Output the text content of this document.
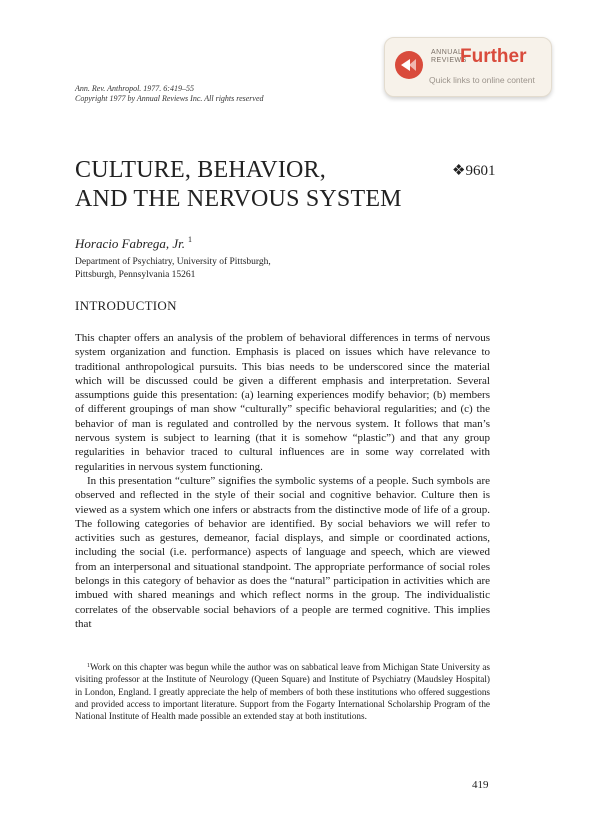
ANNUAL
REVIEWS
Further
Quick links to online content
Ann. Rev. Anthropol. 1977. 6:419–55
Copyright 1977 by Annual Reviews Inc. All rights reserved
CULTURE, BEHAVIOR,
AND THE NERVOUS SYSTEM
❖9601
Horacio Fabrega, Jr. $^1$
Department of Psychiatry, University of Pittsburgh,
Pittsburgh, Pennsylvania 15261
INTRODUCTION

This chapter offers an analysis of the problem of behavioral differences in terms of nervous system organization and function. Emphasis is placed on issues which have relevance to traditional anthropological pursuits. This bias needs to be underscored since the material which will be discussed could be given a different emphasis and interpretation. Several assumptions guide this presentation: (a) learning experiences modify behavior; (b) members of different groupings of man show “culturally” specific behavioral regularities; and (c) the behavior of man is regulated and controlled by the nervous system. It follows that man’s nervous system is subject to learning (that it is somehow “plastic”) and that any group regularities in behavior traced to cultural influences are in some way correlated with regularities in nervous system functioning.

In this presentation “culture” signifies the symbolic systems of a people. Such symbols are observed and reflected in the style of their social and cognitive behavior. Culture then is viewed as a system which one infers or abstracts from the distinctive mode of life of a group. The following categories of behavior are identified. By social behaviors we will refer to activities such as gestures, demeanor, facial displays, and simple or coordinated actions, including the social (i.e. performance) aspects of language and speech, which are viewed from an interpersonal and situational standpoint. The appropriate performance of social roles belongs in this category of behavior as does the “natural” participation in activities which are imbued with shared meanings and which reflect norms in the group. The individualistic correlates of the observable social behaviors of a people are termed cognitive. This implies that

$^1$Work on this chapter was begun while the author was on sabbatical leave from Michigan State University as visiting professor at the Institute of Neurology (Queen Square) and Institute of Psychiatry (Maudsley Hospital) in London, England. I greatly appreciate the help of members of both these institutions who offered suggestions and provided access to important literature. Support from the Fogarty International Scholarship Program of the National Institute of Health made possible an extended stay at both institutions.

419
